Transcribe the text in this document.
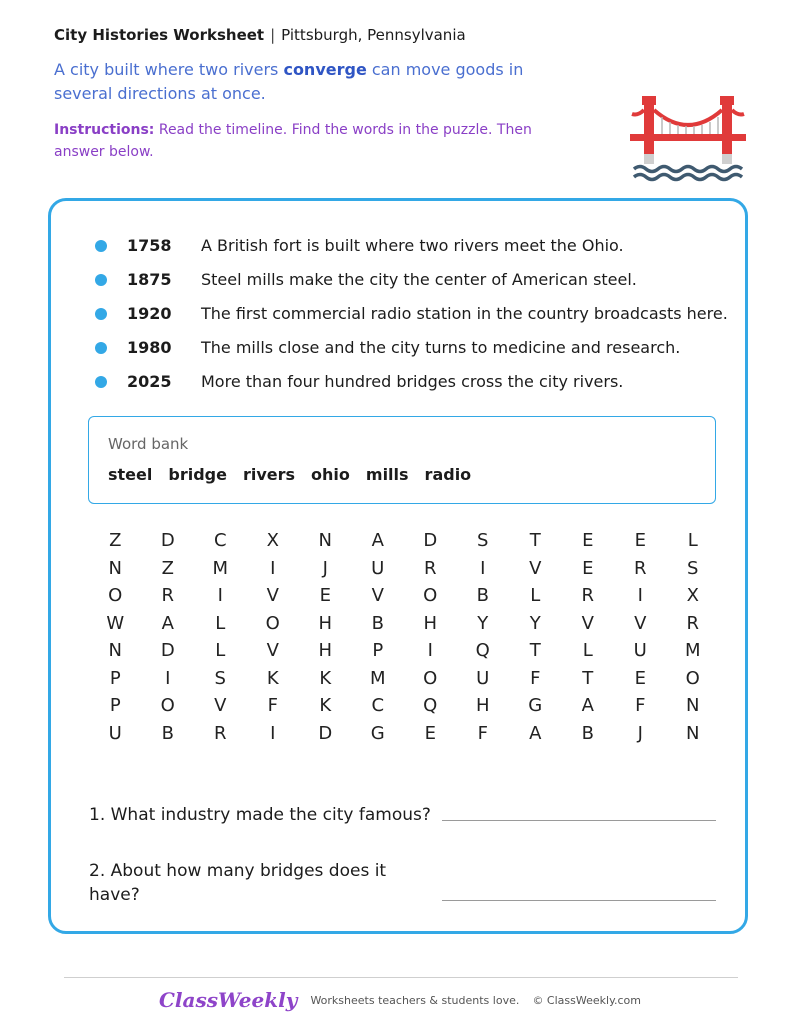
City Histories Worksheet | Pittsburgh, Pennsylvania
A city built where two rivers converge can move goods in several directions at once.
Instructions: Read the timeline. Find the words in the puzzle. Then answer below.
1758 A British fort is built where two rivers meet the Ohio.
1875 Steel mills make the city the center of American steel.
1920 The first commercial radio station in the country broadcasts here.
1980 The mills close and the city turns to medicine and research.
2025 More than four hundred bridges cross the city rivers.
Word bank
steel bridge rivers ohio mills radio
Z	D	C	X	N	A	D	S	T	E	E	L
N	Z	M	I	J	U	R	I	V	E	R	S
O	R	I	V	E	V	O	B	L	R	I	X
W	A	L	O	H	B	H	Y	Y	V	V	R
N	D	L	V	H	P	I	Q	T	L	U	M
P	I	S	K	K	M	O	U	F	T	E	O
P	O	V	F	K	C	Q	H	G	A	F	N
U	B	R	I	D	G	E	F	A	B	J	N
1. What industry made the city famous?
2. About how many bridges does it have?
ClassWeekly Worksheets teachers & students love. © ClassWeekly.com
